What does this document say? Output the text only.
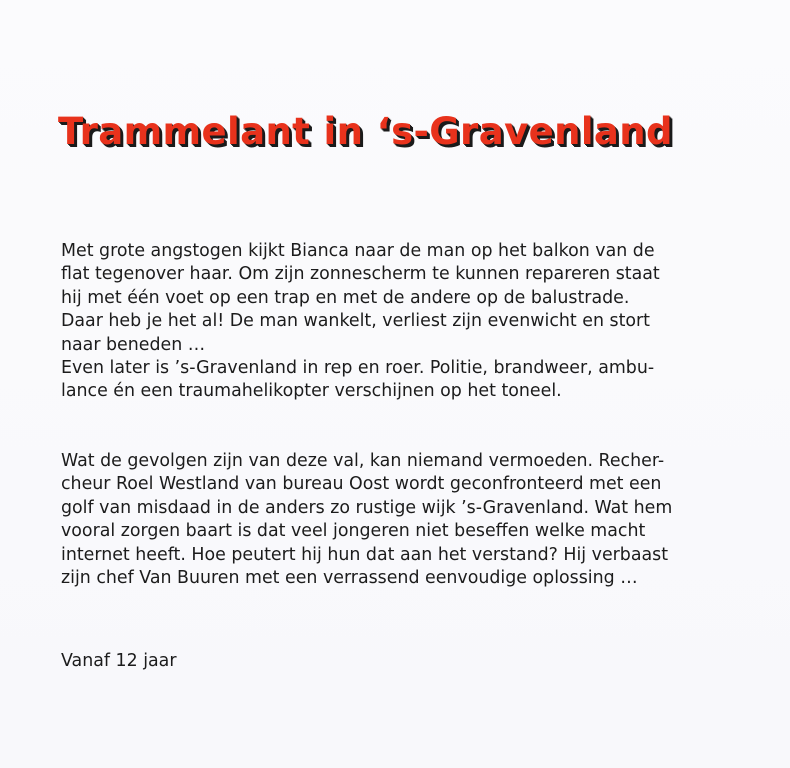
Trammelant in ‘s-Gravenland
Met grote angstogen kijkt Bianca naar de man op het balkon van de
flat tegenover haar. Om zijn zonnescherm te kunnen repareren staat
hij met één voet op een trap en met de andere op de balustrade.
Daar heb je het al! De man wankelt, verliest zijn evenwicht en stort
naar beneden …
Even later is ’s-Gravenland in rep en roer. Politie, brandweer, ambu-
lance én een traumahelikopter verschijnen op het toneel.
Wat de gevolgen zijn van deze val, kan niemand vermoeden. Recher-
cheur Roel Westland van bureau Oost wordt geconfronteerd met een
golf van misdaad in de anders zo rustige wijk ’s-Gravenland. Wat hem
vooral zorgen baart is dat veel jongeren niet beseffen welke macht
internet heeft. Hoe peutert hij hun dat aan het verstand? Hij verbaast
zijn chef Van Buuren met een verrassend eenvoudige oplossing …
Vanaf 12 jaar
